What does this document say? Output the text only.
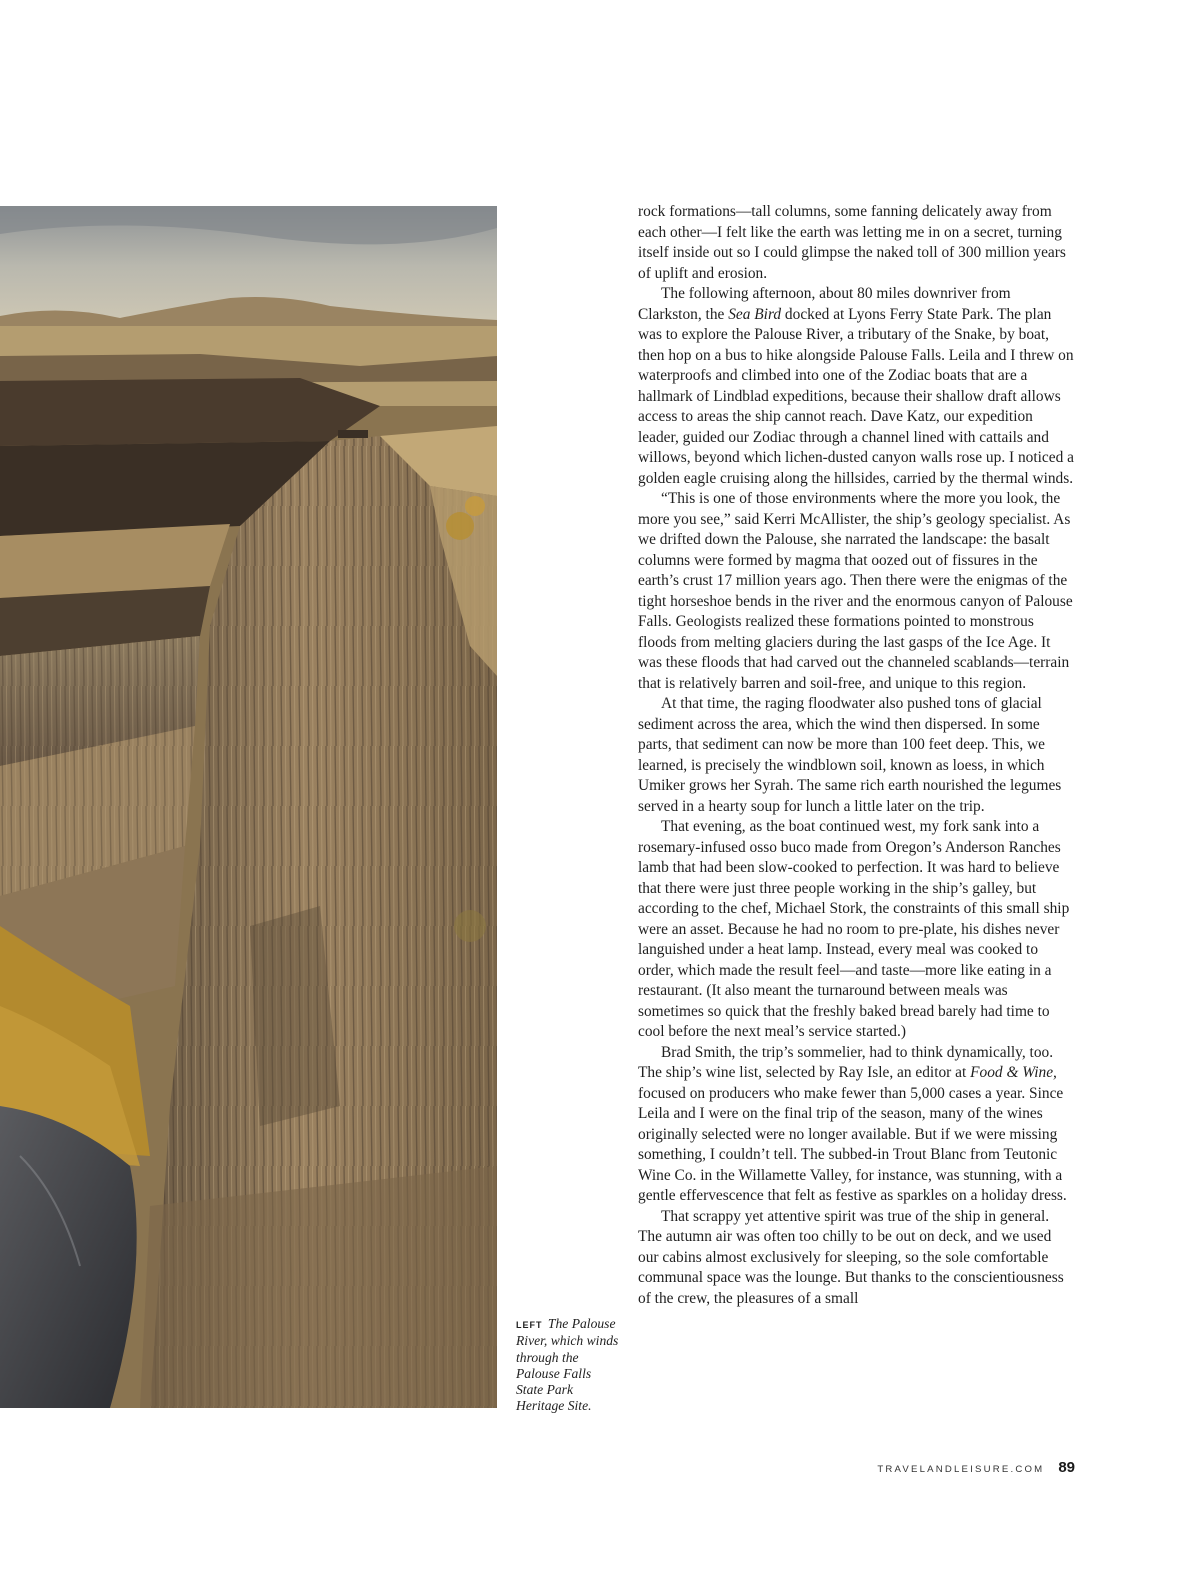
LEFT The Palouse River, which winds through the Palouse Falls State Park Heritage Site.

rock formations—tall columns, some fanning delicately away from each other—I felt like the earth was letting me in on a secret, turning itself inside out so I could glimpse the naked toll of 300 million years of uplift and erosion.

The following afternoon, about 80 miles downriver from Clarkston, the Sea Bird docked at Lyons Ferry State Park. The plan was to explore the Palouse River, a tributary of the Snake, by boat, then hop on a bus to hike alongside Palouse Falls. Leila and I threw on waterproofs and climbed into one of the Zodiac boats that are a hallmark of Lindblad expeditions, because their shallow draft allows access to areas the ship cannot reach. Dave Katz, our expedition leader, guided our Zodiac through a channel lined with cattails and willows, beyond which lichen-dusted canyon walls rose up. I noticed a golden eagle cruising along the hillsides, carried by the thermal winds.

“This is one of those environments where the more you look, the more you see,” said Kerri McAllister, the ship’s geology specialist. As we drifted down the Palouse, she narrated the landscape: the basalt columns were formed by magma that oozed out of fissures in the earth’s crust 17 million years ago. Then there were the enigmas of the tight horseshoe bends in the river and the enormous canyon of Palouse Falls. Geologists realized these formations pointed to monstrous floods from melting glaciers during the last gasps of the Ice Age. It was these floods that had carved out the channeled scablands—terrain that is relatively barren and soil-free, and unique to this region.

At that time, the raging floodwater also pushed tons of glacial sediment across the area, which the wind then dispersed. In some parts, that sediment can now be more than 100 feet deep. This, we learned, is precisely the windblown soil, known as loess, in which Umiker grows her Syrah. The same rich earth nourished the legumes served in a hearty soup for lunch a little later on the trip.

That evening, as the boat continued west, my fork sank into a rosemary-infused osso buco made from Oregon’s Anderson Ranches lamb that had been slow-cooked to perfection. It was hard to believe that there were just three people working in the ship’s galley, but according to the chef, Michael Stork, the constraints of this small ship were an asset. Because he had no room to pre-plate, his dishes never languished under a heat lamp. Instead, every meal was cooked to order, which made the result feel—and taste—more like eating in a restaurant. (It also meant the turnaround between meals was sometimes so quick that the freshly baked bread barely had time to cool before the next meal’s service started.)

Brad Smith, the trip’s sommelier, had to think dynamically, too. The ship’s wine list, selected by Ray Isle, an editor at Food & Wine, focused on producers who make fewer than 5,000 cases a year. Since Leila and I were on the final trip of the season, many of the wines originally selected were no longer available. But if we were missing something, I couldn’t tell. The subbed-in Trout Blanc from Teutonic Wine Co. in the Willamette Valley, for instance, was stunning, with a gentle effervescence that felt as festive as sparkles on a holiday dress.

That scrappy yet attentive spirit was true of the ship in general. The autumn air was often too chilly to be out on deck, and we used our cabins almost exclusively for sleeping, so the sole comfortable communal space was the lounge. But thanks to the conscientiousness of the crew, the pleasures of a small

TRAVELANDLEISURE.COM 89
